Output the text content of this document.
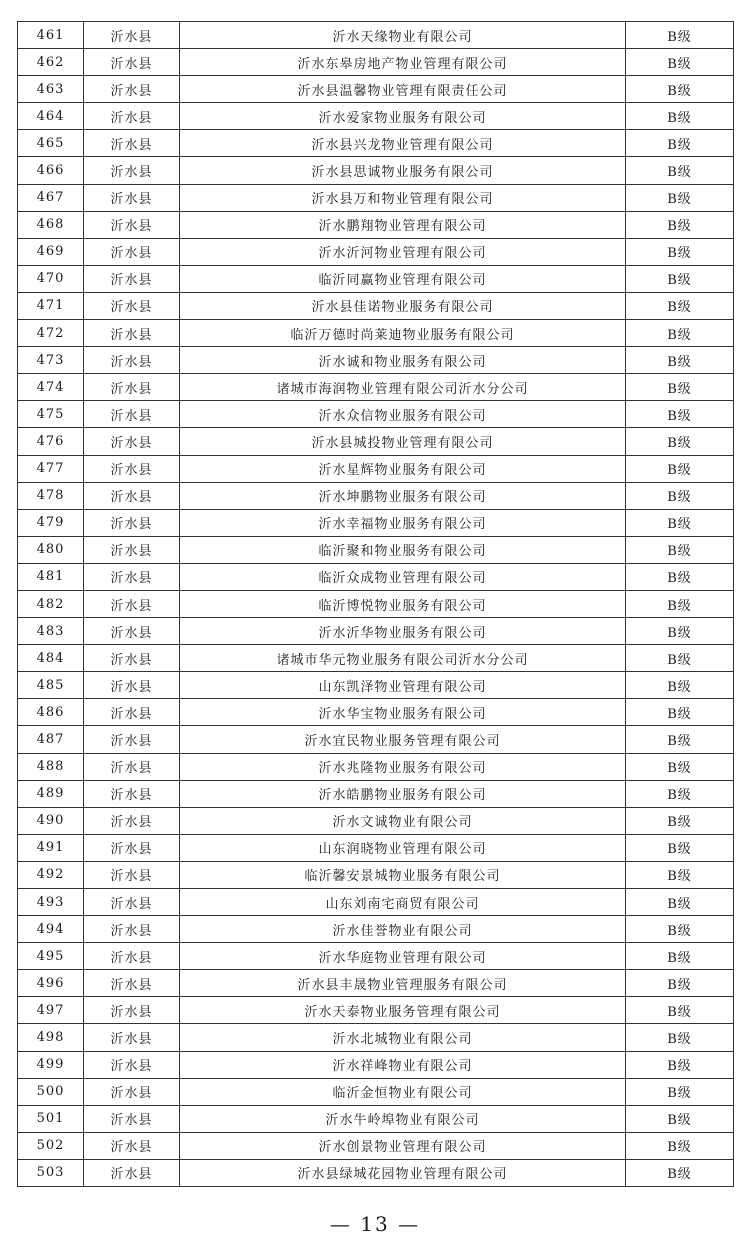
461	沂水县	沂水天缘物业有限公司	B级
462	沂水县	沂水东皋房地产物业管理有限公司	B级
463	沂水县	沂水县温馨物业管理有限责任公司	B级
464	沂水县	沂水爱家物业服务有限公司	B级
465	沂水县	沂水县兴龙物业管理有限公司	B级
466	沂水县	沂水县思诚物业服务有限公司	B级
467	沂水县	沂水县万和物业管理有限公司	B级
468	沂水县	沂水鹏翔物业管理有限公司	B级
469	沂水县	沂水沂河物业管理有限公司	B级
470	沂水县	临沂同赢物业管理有限公司	B级
471	沂水县	沂水县佳诺物业服务有限公司	B级
472	沂水县	临沂万德时尚莱迪物业服务有限公司	B级
473	沂水县	沂水诚和物业服务有限公司	B级
474	沂水县	诸城市海润物业管理有限公司沂水分公司	B级
475	沂水县	沂水众信物业服务有限公司	B级
476	沂水县	沂水县城投物业管理有限公司	B级
477	沂水县	沂水星辉物业服务有限公司	B级
478	沂水县	沂水坤鹏物业服务有限公司	B级
479	沂水县	沂水幸福物业服务有限公司	B级
480	沂水县	临沂聚和物业服务有限公司	B级
481	沂水县	临沂众成物业管理有限公司	B级
482	沂水县	临沂博悦物业服务有限公司	B级
483	沂水县	沂水沂华物业服务有限公司	B级
484	沂水县	诸城市华元物业服务有限公司沂水分公司	B级
485	沂水县	山东凯泽物业管理有限公司	B级
486	沂水县	沂水华宝物业服务有限公司	B级
487	沂水县	沂水宜民物业服务管理有限公司	B级
488	沂水县	沂水兆隆物业服务有限公司	B级
489	沂水县	沂水皓鹏物业服务有限公司	B级
490	沂水县	沂水文诚物业有限公司	B级
491	沂水县	山东润晓物业管理有限公司	B级
492	沂水县	临沂馨安景城物业服务有限公司	B级
493	沂水县	山东刘南宅商贸有限公司	B级
494	沂水县	沂水佳誉物业有限公司	B级
495	沂水县	沂水华庭物业管理有限公司	B级
496	沂水县	沂水县丰晟物业管理服务有限公司	B级
497	沂水县	沂水天泰物业服务管理有限公司	B级
498	沂水县	沂水北城物业有限公司	B级
499	沂水县	沂水祥峰物业有限公司	B级
500	沂水县	临沂金恒物业有限公司	B级
501	沂水县	沂水牛岭埠物业有限公司	B级
502	沂水县	沂水创景物业管理有限公司	B级
503	沂水县	沂水县绿城花园物业管理有限公司	B级
— 13 —
